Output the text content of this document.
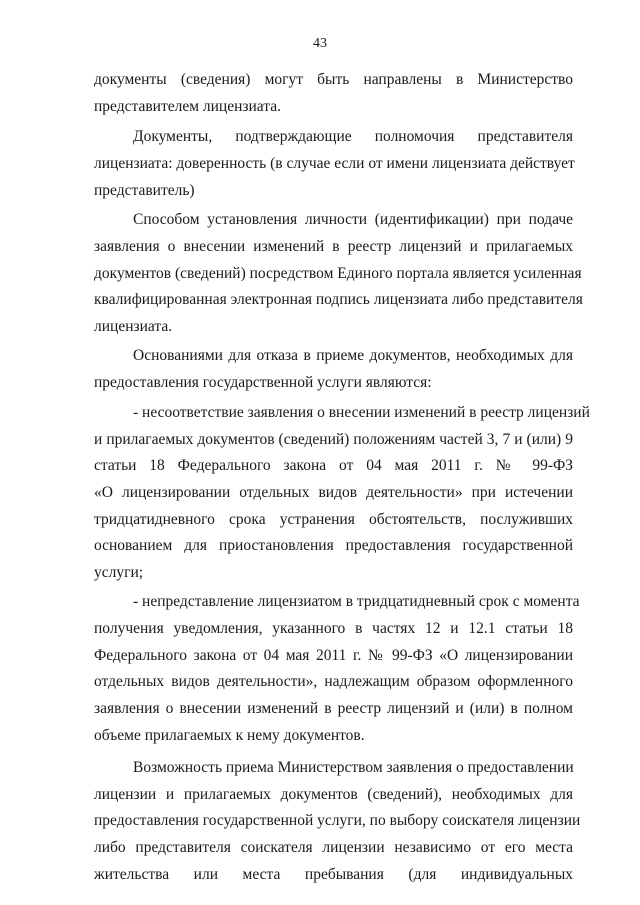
43
документы (сведения) могут быть направлены в Министерство
представителем лицензиата.
Документы, подтверждающие полномочия представителя
лицензиата: доверенность (в случае если от имени лицензиата действует
представитель)
Способом установления личности (идентификации) при подаче
заявления о внесении изменений в реестр лицензий и прилагаемых
документов (сведений) посредством Единого портала является усиленная
квалифицированная электронная подпись лицензиата либо представителя
лицензиата.
Основаниями для отказа в приеме документов, необходимых для
предоставления государственной услуги являются:
- несоответствие заявления о внесении изменений в реестр лицензий
и прилагаемых документов (сведений) положениям частей 3, 7 и (или) 9
статьи 18 Федерального закона от 04 мая 2011 г. № 99-ФЗ
«О лицензировании отдельных видов деятельности» при истечении
тридцатидневного срока устранения обстоятельств, послуживших
основанием для приостановления предоставления государственной
услуги;
- непредставление лицензиатом в тридцатидневный срок с момента
получения уведомления, указанного в частях 12 и 12.1 статьи 18
Федерального закона от 04 мая 2011 г. № 99-ФЗ «О лицензировании
отдельных видов деятельности», надлежащим образом оформленного
заявления о внесении изменений в реестр лицензий и (или) в полном
объеме прилагаемых к нему документов.
Возможность приема Министерством заявления о предоставлении
лицензии и прилагаемых документов (сведений), необходимых для
предоставления государственной услуги, по выбору соискателя лицензии
либо представителя соискателя лицензии независимо от его места
жительства или места пребывания (для индивидуальных
